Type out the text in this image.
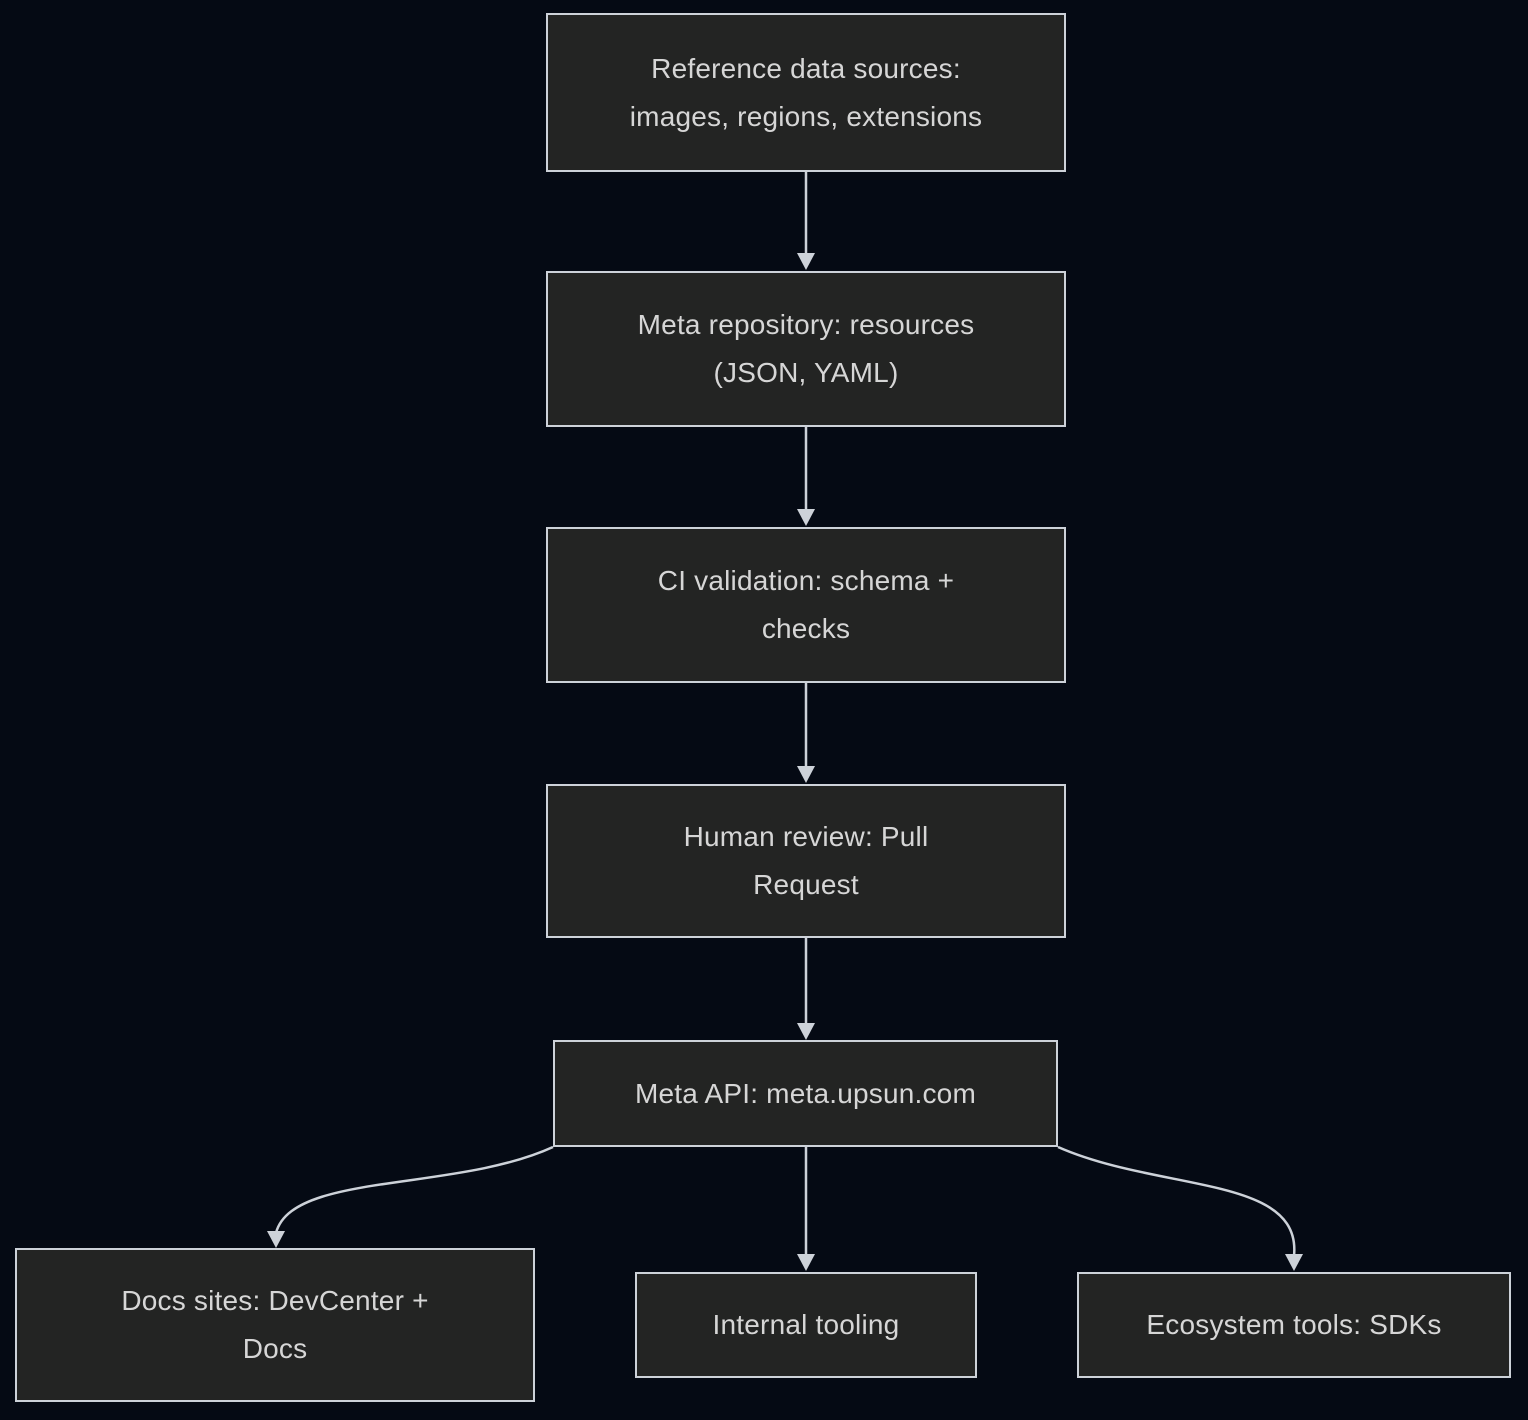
Reference data sources:
images, regions, extensions
Meta repository: resources
(JSON, YAML)
CI validation: schema +
checks
Human review: Pull
Request
Meta API: meta.upsun.com
Docs sites: DevCenter +
Docs
Internal tooling	Ecosystem tools: SDKs
